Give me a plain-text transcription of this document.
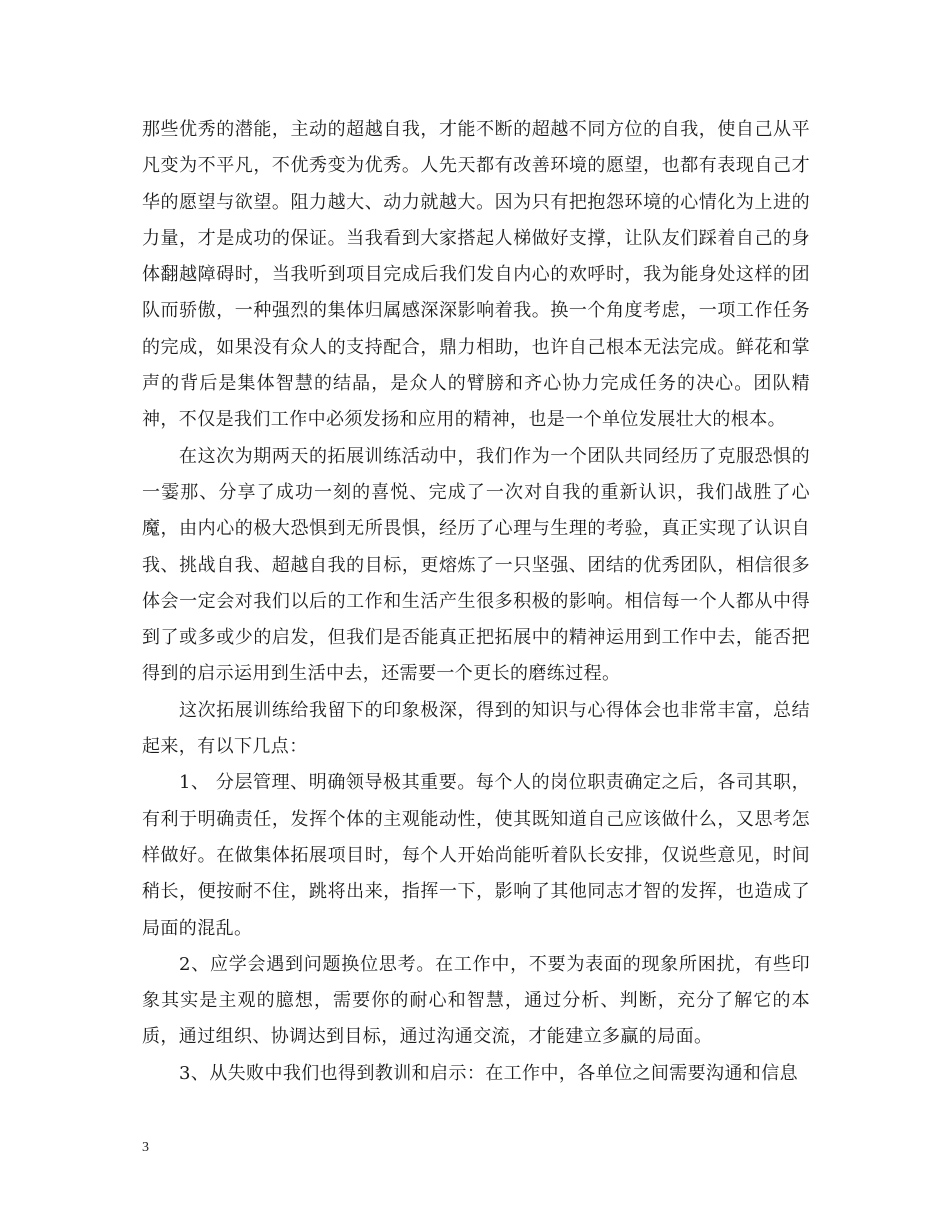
那些优秀的潜能，主动的超越自我，才能不断的超越不同方位的自我，使自己从平凡变为不平凡，不优秀变为优秀。人先天都有改善环境的愿望，也都有表现自己才华的愿望与欲望。阻力越大、动力就越大。因为只有把抱怨环境的心情化为上进的力量，才是成功的保证。当我看到大家搭起人梯做好支撑，让队友们踩着自己的身体翻越障碍时，当我听到项目完成后我们发自内心的欢呼时，我为能身处这样的团队而骄傲，一种强烈的集体归属感深深影响着我。换一个角度考虑，一项工作任务的完成，如果没有众人的支持配合，鼎力相助，也许自己根本无法完成。鲜花和掌声的背后是集体智慧的结晶，是众人的臂膀和齐心协力完成任务的决心。团队精神，不仅是我们工作中必须发扬和应用的精神，也是一个单位发展壮大的根本。

在这次为期两天的拓展训练活动中，我们作为一个团队共同经历了克服恐惧的一霎那、分享了成功一刻的喜悦、完成了一次对自我的重新认识，我们战胜了心魔，由内心的极大恐惧到无所畏惧，经历了心理与生理的考验，真正实现了认识自我、挑战自我、超越自我的目标，更熔炼了一只坚强、团结的优秀团队，相信很多体会一定会对我们以后的工作和生活产生很多积极的影响。相信每一个人都从中得到了或多或少的启发，但我们是否能真正把拓展中的精神运用到工作中去，能否把得到的启示运用到生活中去，还需要一个更长的磨练过程。

这次拓展训练给我留下的印象极深，得到的知识与心得体会也非常丰富，总结起来，有以下几点：

1、 分层管理、明确领导极其重要。每个人的岗位职责确定之后，各司其职，有利于明确责任，发挥个体的主观能动性，使其既知道自己应该做什么，又思考怎样做好。在做集体拓展项目时，每个人开始尚能听着队长安排，仅说些意见，时间稍长，便按耐不住，跳将出来，指挥一下，影响了其他同志才智的发挥，也造成了局面的混乱。

2、应学会遇到问题换位思考。在工作中，不要为表面的现象所困扰，有些印象其实是主观的臆想，需要你的耐心和智慧，通过分析、判断，充分了解它的本质，通过组织、协调达到目标，通过沟通交流，才能建立多赢的局面。

3、从失败中我们也得到教训和启示：在工作中，各单位之间需要沟通和信息

3
